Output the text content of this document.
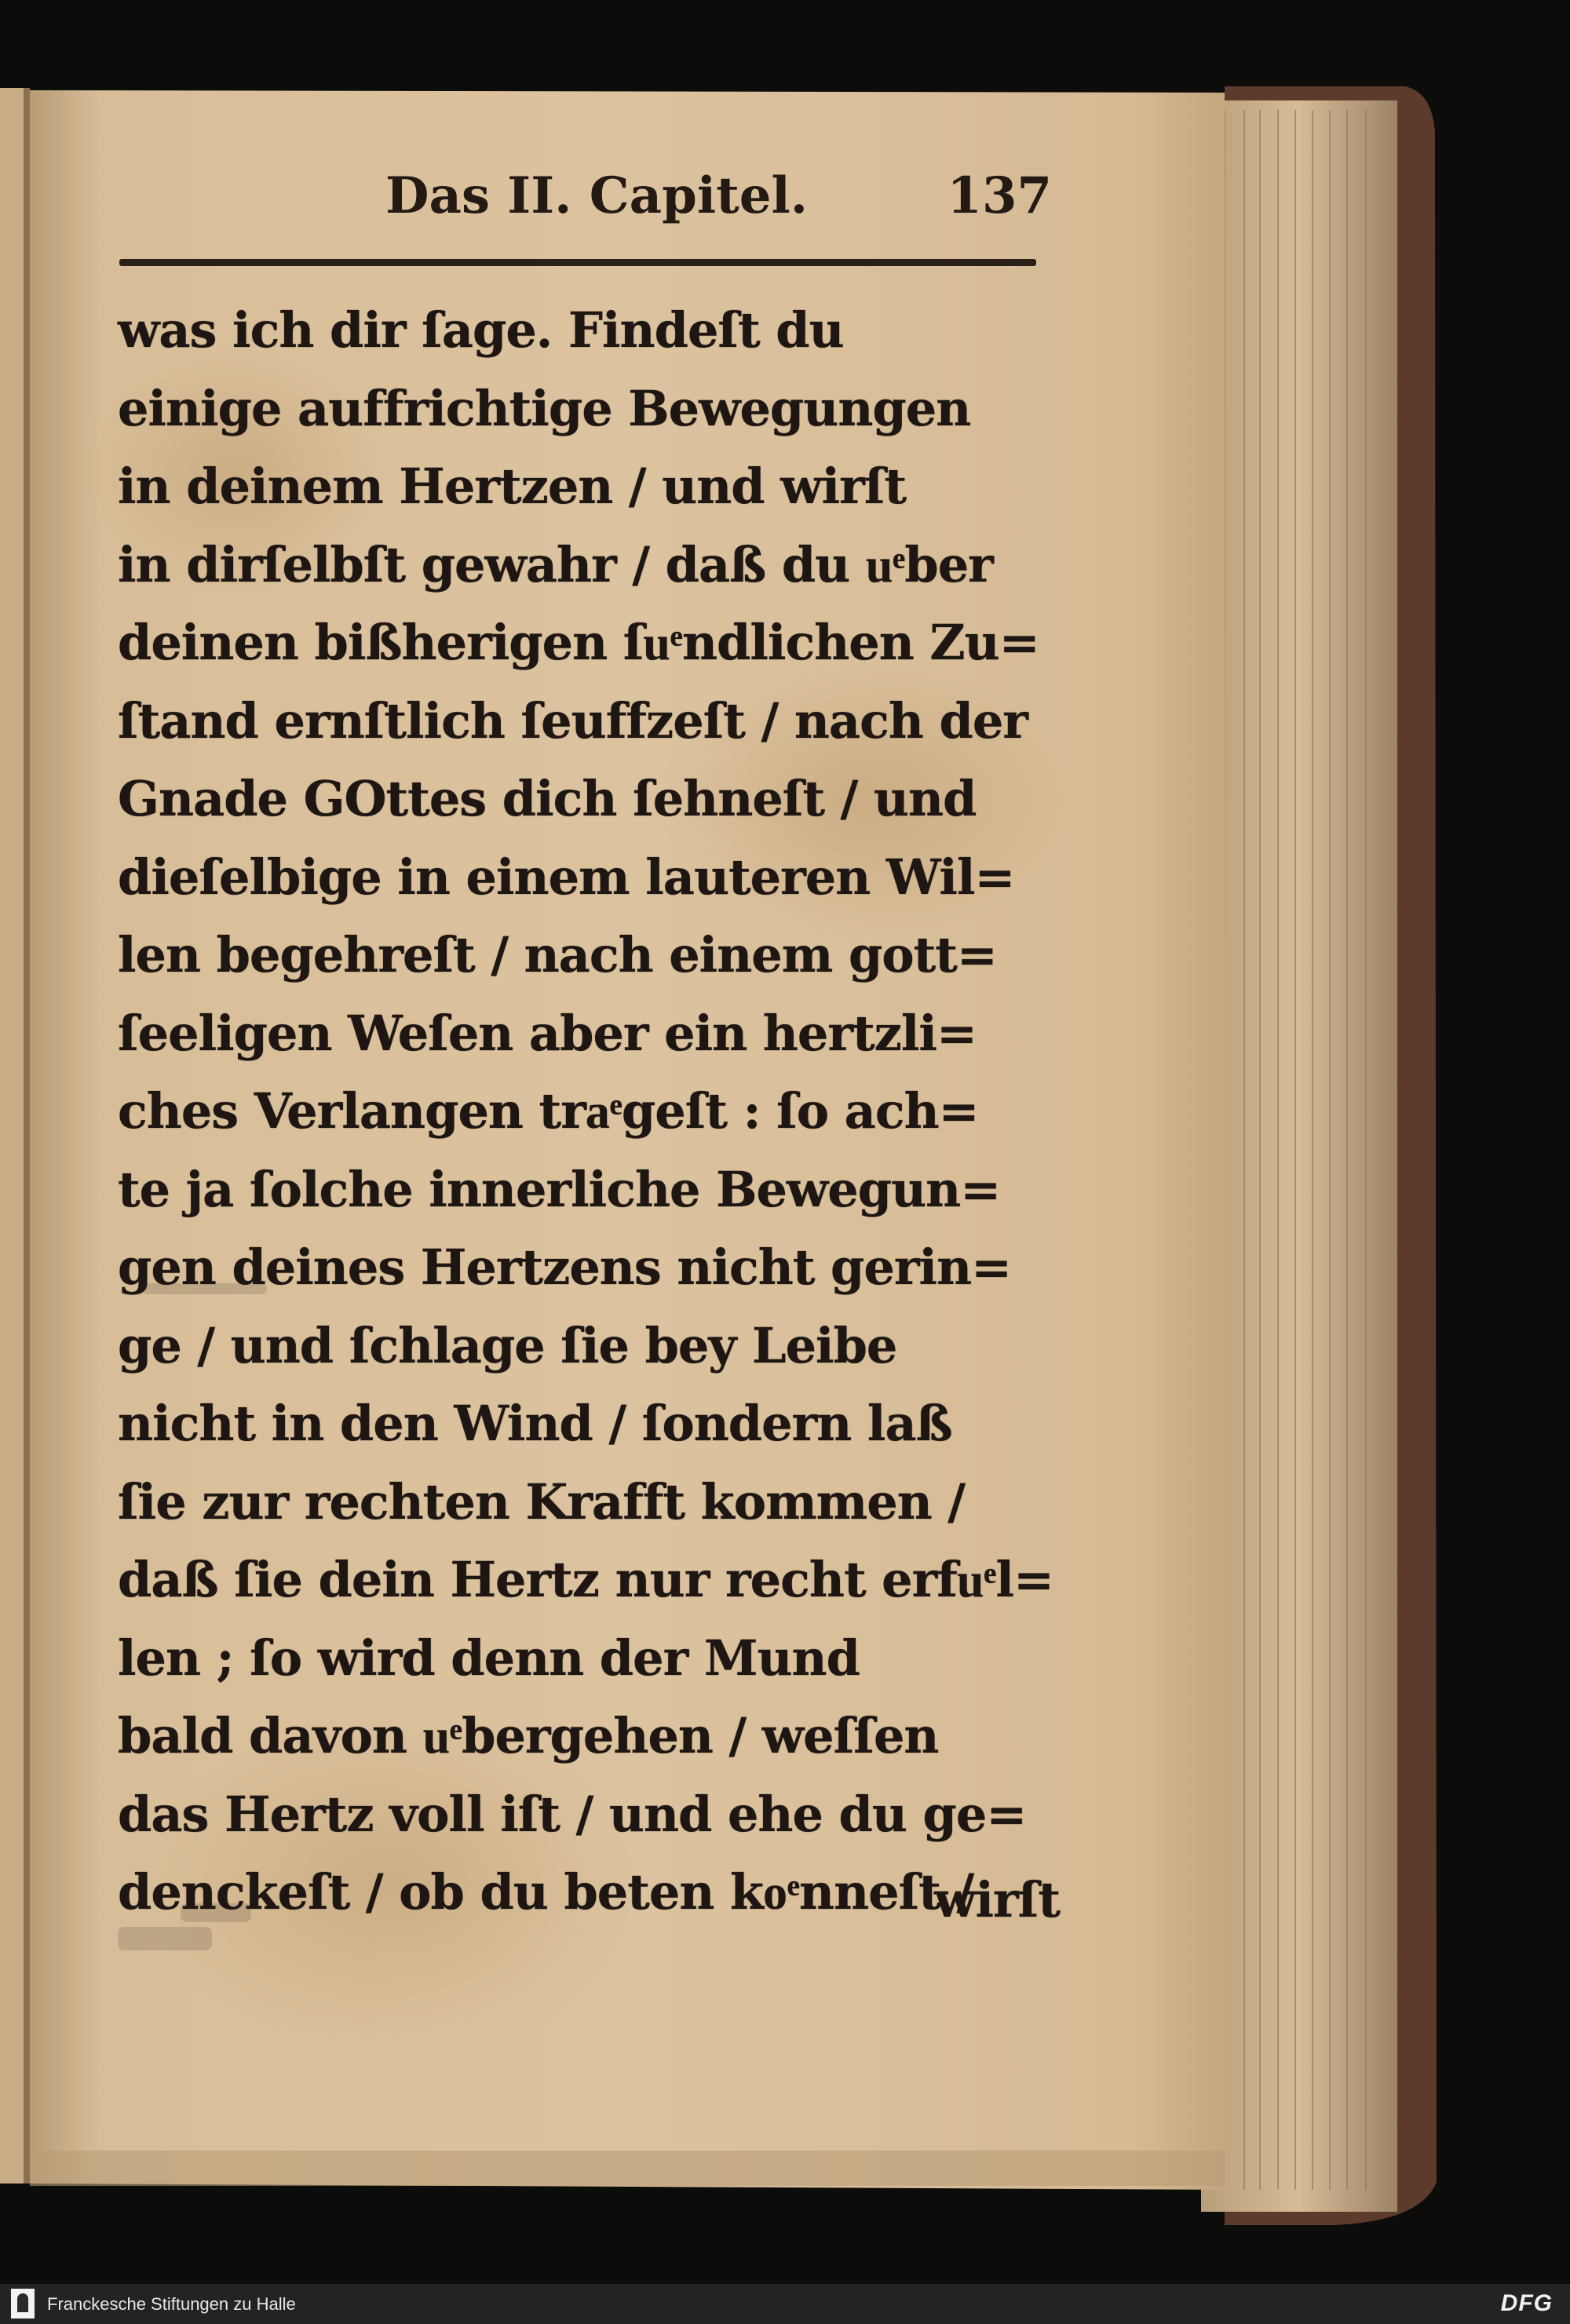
Das II. Capitel.	137
was ich dir ſage. Findeſt du
einige auffrichtige Bewegungen
in deinem Hertzen / und wirſt
in dirſelbſt gewahr / daß du uͤber
deinen bißherigen ſuͤndlichen Zu=
ſtand ernſtlich ſeuffzeſt / nach der
Gnade GOttes dich ſehneſt / und
dieſelbige in einem lauteren Wil=
len begehreſt / nach einem gott=
ſeeligen Weſen aber ein hertzli=
ches Verlangen traͤgeſt : ſo ach=
te ja ſolche innerliche Bewegun=
gen deines Hertzens nicht gerin=
ge / und ſchlage ſie bey Leibe
nicht in den Wind / ſondern laß
ſie zur rechten Krafft kommen /
daß ſie dein Hertz nur recht erfuͤl=
len ; ſo wird denn der Mund
bald davon uͤbergehen / weſſen
das Hertz voll iſt / und ehe du ge=
denckeſt / ob du beten koͤnneſt /
wirſt
Franckesche Stiftungen zu Halle	DFG
